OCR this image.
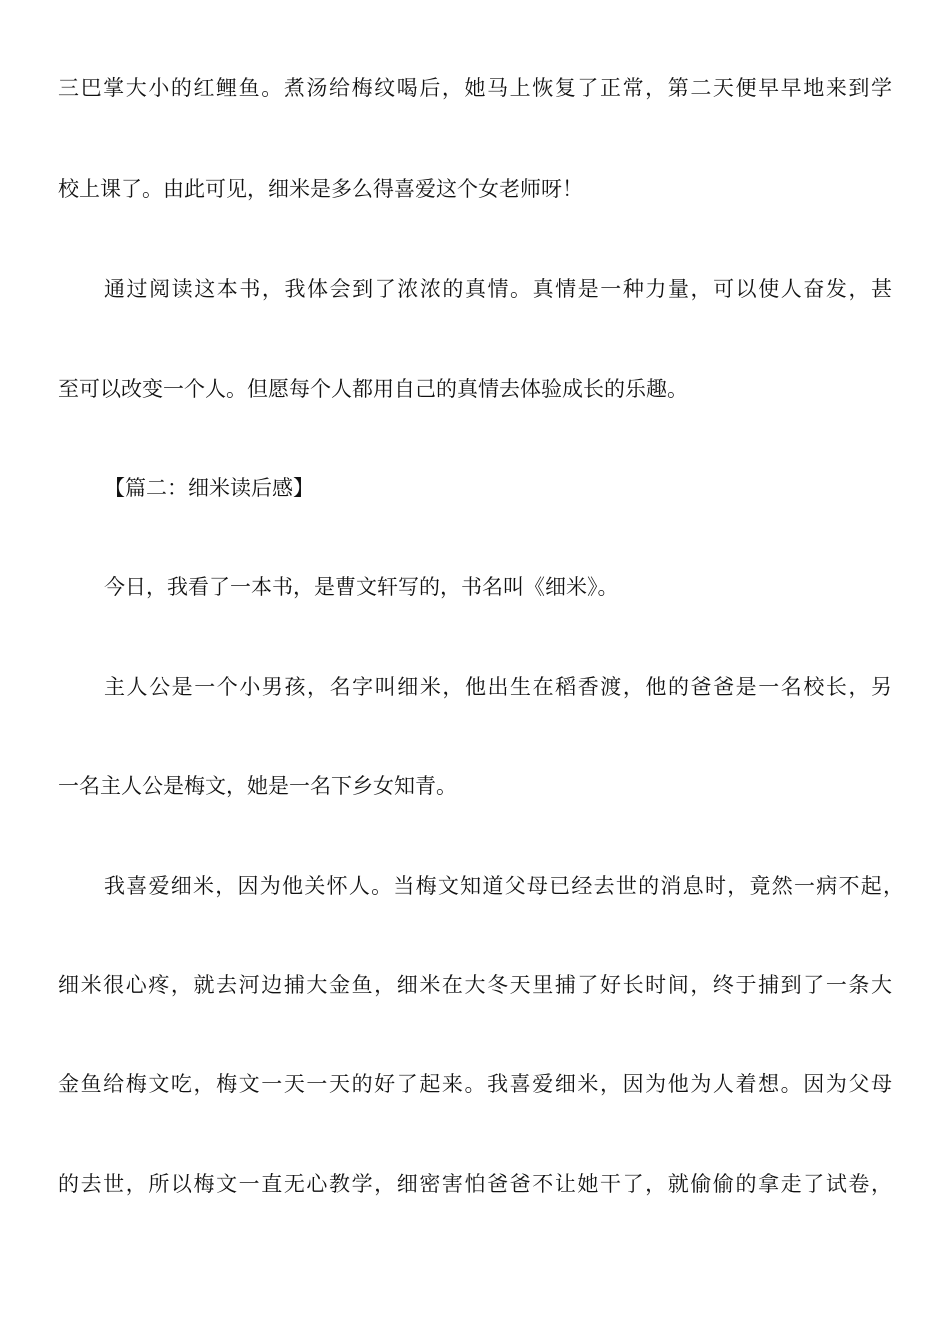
三巴掌大小的红鲤鱼。煮汤给梅纹喝后，她马上恢复了正常，第二天便早早地来到学
校上课了。由此可见，细米是多么得喜爱这个女老师呀！
通过阅读这本书，我体会到了浓浓的真情。真情是一种力量，可以使人奋发，甚
至可以改变一个人。但愿每个人都用自己的真情去体验成长的乐趣。
【篇二：细米读后感】
今日，我看了一本书，是曹文轩写的，书名叫《细米》。
主人公是一个小男孩，名字叫细米，他出生在稻香渡，他的爸爸是一名校长，另
一名主人公是梅文，她是一名下乡女知青。
我喜爱细米，因为他关怀人。当梅文知道父母已经去世的消息时，竟然一病不起，
细米很心疼，就去河边捕大金鱼，细米在大冬天里捕了好长时间，终于捕到了一条大
金鱼给梅文吃，梅文一天一天的好了起来。我喜爱细米，因为他为人着想。因为父母
的去世，所以梅文一直无心教学，细密害怕爸爸不让她干了，就偷偷的拿走了试卷，
